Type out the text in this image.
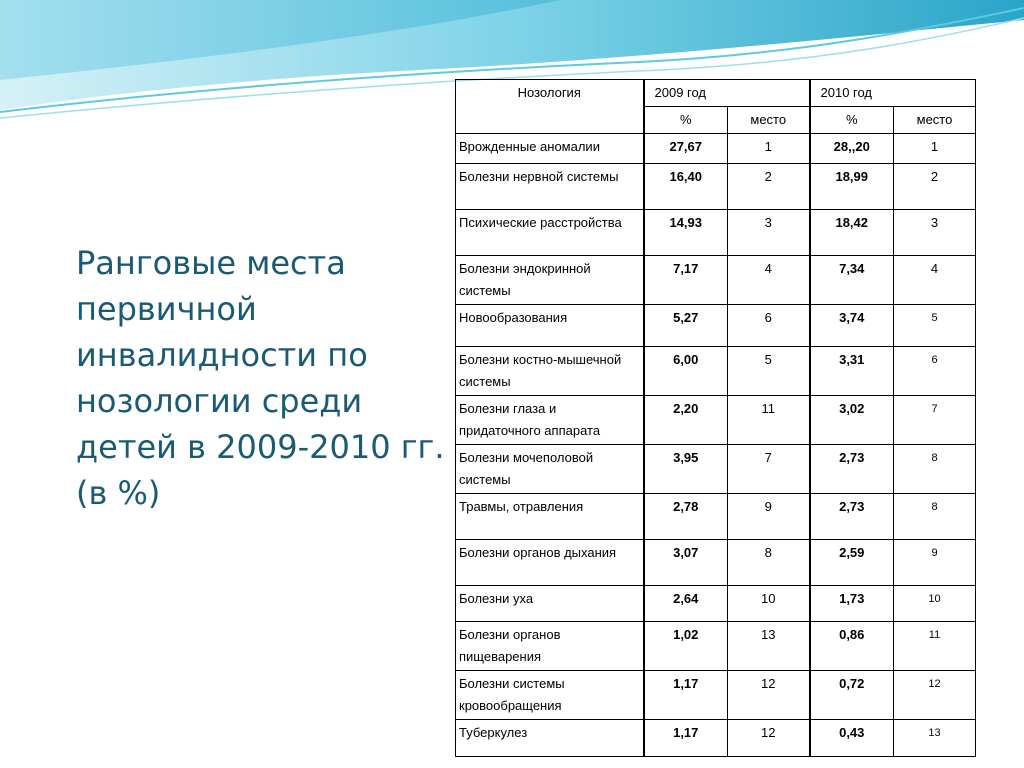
Ранговые места
первичной
инвалидности по
нозологии среди
детей в 2009-2010 гг.
(в %)
Нозология	2009 год		2010 год	
	%	место	%	место
Врожденные аномалии	27,67	1	28,,20	1
Болезни нервной системы	16,40	2	18,99	2
Психические расстройства	14,93	3	18,42	3
Болезни эндокринной системы	7,17	4	7,34	4
Новообразования	5,27	6	3,74	5
Болезни костно-мышечной системы	6,00	5	3,31	6
Болезни глаза и придаточного аппарата	2,20	11	3,02	7
Болезни мочеполовой системы	3,95	7	2,73	8
Травмы, отравления	2,78	9	2,73	8
Болезни органов дыхания	3,07	8	2,59	9
Болезни уха	2,64	10	1,73	10
Болезни органов пищеварения	1,02	13	0,86	11
Болезни системы кровообращения	1,17	12	0,72	12
Туберкулез	1,17	12	0,43	13
